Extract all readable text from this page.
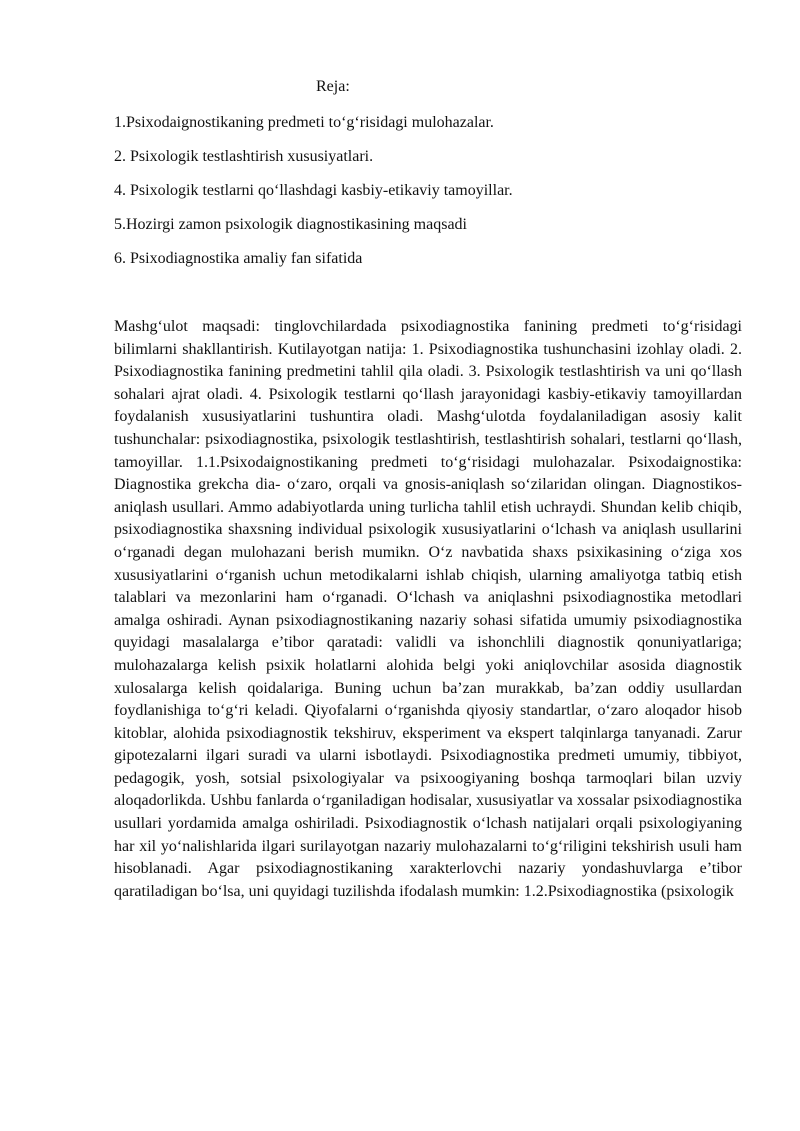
Reja:
1.Psixodaignostikaning predmeti to‘g‘risidagi mulohazalar.
2. Psixologik testlashtirish xususiyatlari.
4. Psixologik testlarni qo‘llashdagi kasbiy-etikaviy tamoyillar.
5.Hozirgi zamon psixologik diagnostikasining maqsadi
6. Psixodiagnostika amaliy fan sifatida

Mashg‘ulot maqsadi: tinglovchilardada psixodiagnostika fanining predmeti to‘g‘risidagi bilimlarni shakllantirish. Kutilayotgan natija: 1. Psixodiagnostika tushunchasini izohlay oladi. 2. Psixodiagnostika fanining predmetini tahlil qila oladi. 3. Psixologik testlashtirish va uni qo‘llash sohalari ajrat oladi. 4. Psixologik testlarni qo‘llash jarayonidagi kasbiy-etikaviy tamoyillardan foydalanish xususiyatlarini tushuntira oladi. Mashg‘ulotda foydalaniladigan asosiy kalit tushunchalar: psixodiagnostika, psixologik testlashtirish, testlashtirish sohalari, testlarni qo‘llash, tamoyillar. 1.1.Psixodaignostikaning predmeti to‘g‘risidagi mulohazalar. Psixodaignostika: Diagnostika grekcha dia- o‘zaro, orqali va gnosis-aniqlash so‘zilaridan olingan. Diagnostikos-aniqlash usullari. Ammo adabiyotlarda uning turlicha tahlil etish uchraydi. Shundan kelib chiqib, psixodiagnostika shaxsning individual psixologik xususiyatlarini o‘lchash va aniqlash usullarini o‘rganadi degan mulohazani berish mumikn. O‘z navbatida shaxs psixikasining o‘ziga xos xususiyatlarini o‘rganish uchun metodikalarni ishlab chiqish, ularning amaliyotga tatbiq etish talablari va mezonlarini ham o‘rganadi. O‘lchash va aniqlashni psixodiagnostika metodlari amalga oshiradi. Aynan psixodiagnostikaning nazariy sohasi sifatida umumiy psixodiagnostika quyidagi masalalarga e’tibor qaratadi: validli va ishonchlili diagnostik qonuniyatlariga; mulohazalarga kelish psixik holatlarni alohida belgi yoki aniqlovchilar asosida diagnostik xulosalarga kelish qoidalariga. Buning uchun ba’zan murakkab, ba’zan oddiy usullardan foydlanishiga to‘g‘ri keladi. Qiyofalarni o‘rganishda qiyosiy standartlar, o‘zaro aloqador hisob kitoblar, alohida psixodiagnostik tekshiruv, eksperiment va ekspert talqinlarga tanyanadi. Zarur gipotezalarni ilgari suradi va ularni isbotlaydi. Psixodiagnostika predmeti umumiy, tibbiyot, pedagogik, yosh, sotsial psixologiyalar va psixoogiyaning boshqa tarmoqlari bilan uzviy aloqadorlikda. Ushbu fanlarda o‘rganiladigan hodisalar, xususiyatlar va xossalar psixodiagnostika usullari yordamida amalga oshiriladi. Psixodiagnostik o‘lchash natijalari orqali psixologiyaning har xil yo‘nalishlarida ilgari surilayotgan nazariy mulohazalarni to‘g‘riligini tekshirish usuli ham hisoblanadi. Agar psixodiagnostikaning xarakterlovchi nazariy yondashuvlarga e’tibor qaratiladigan bo‘lsa, uni quyidagi tuzilishda ifodalash mumkin: 1.2.Psixodiagnostika (psixologik
